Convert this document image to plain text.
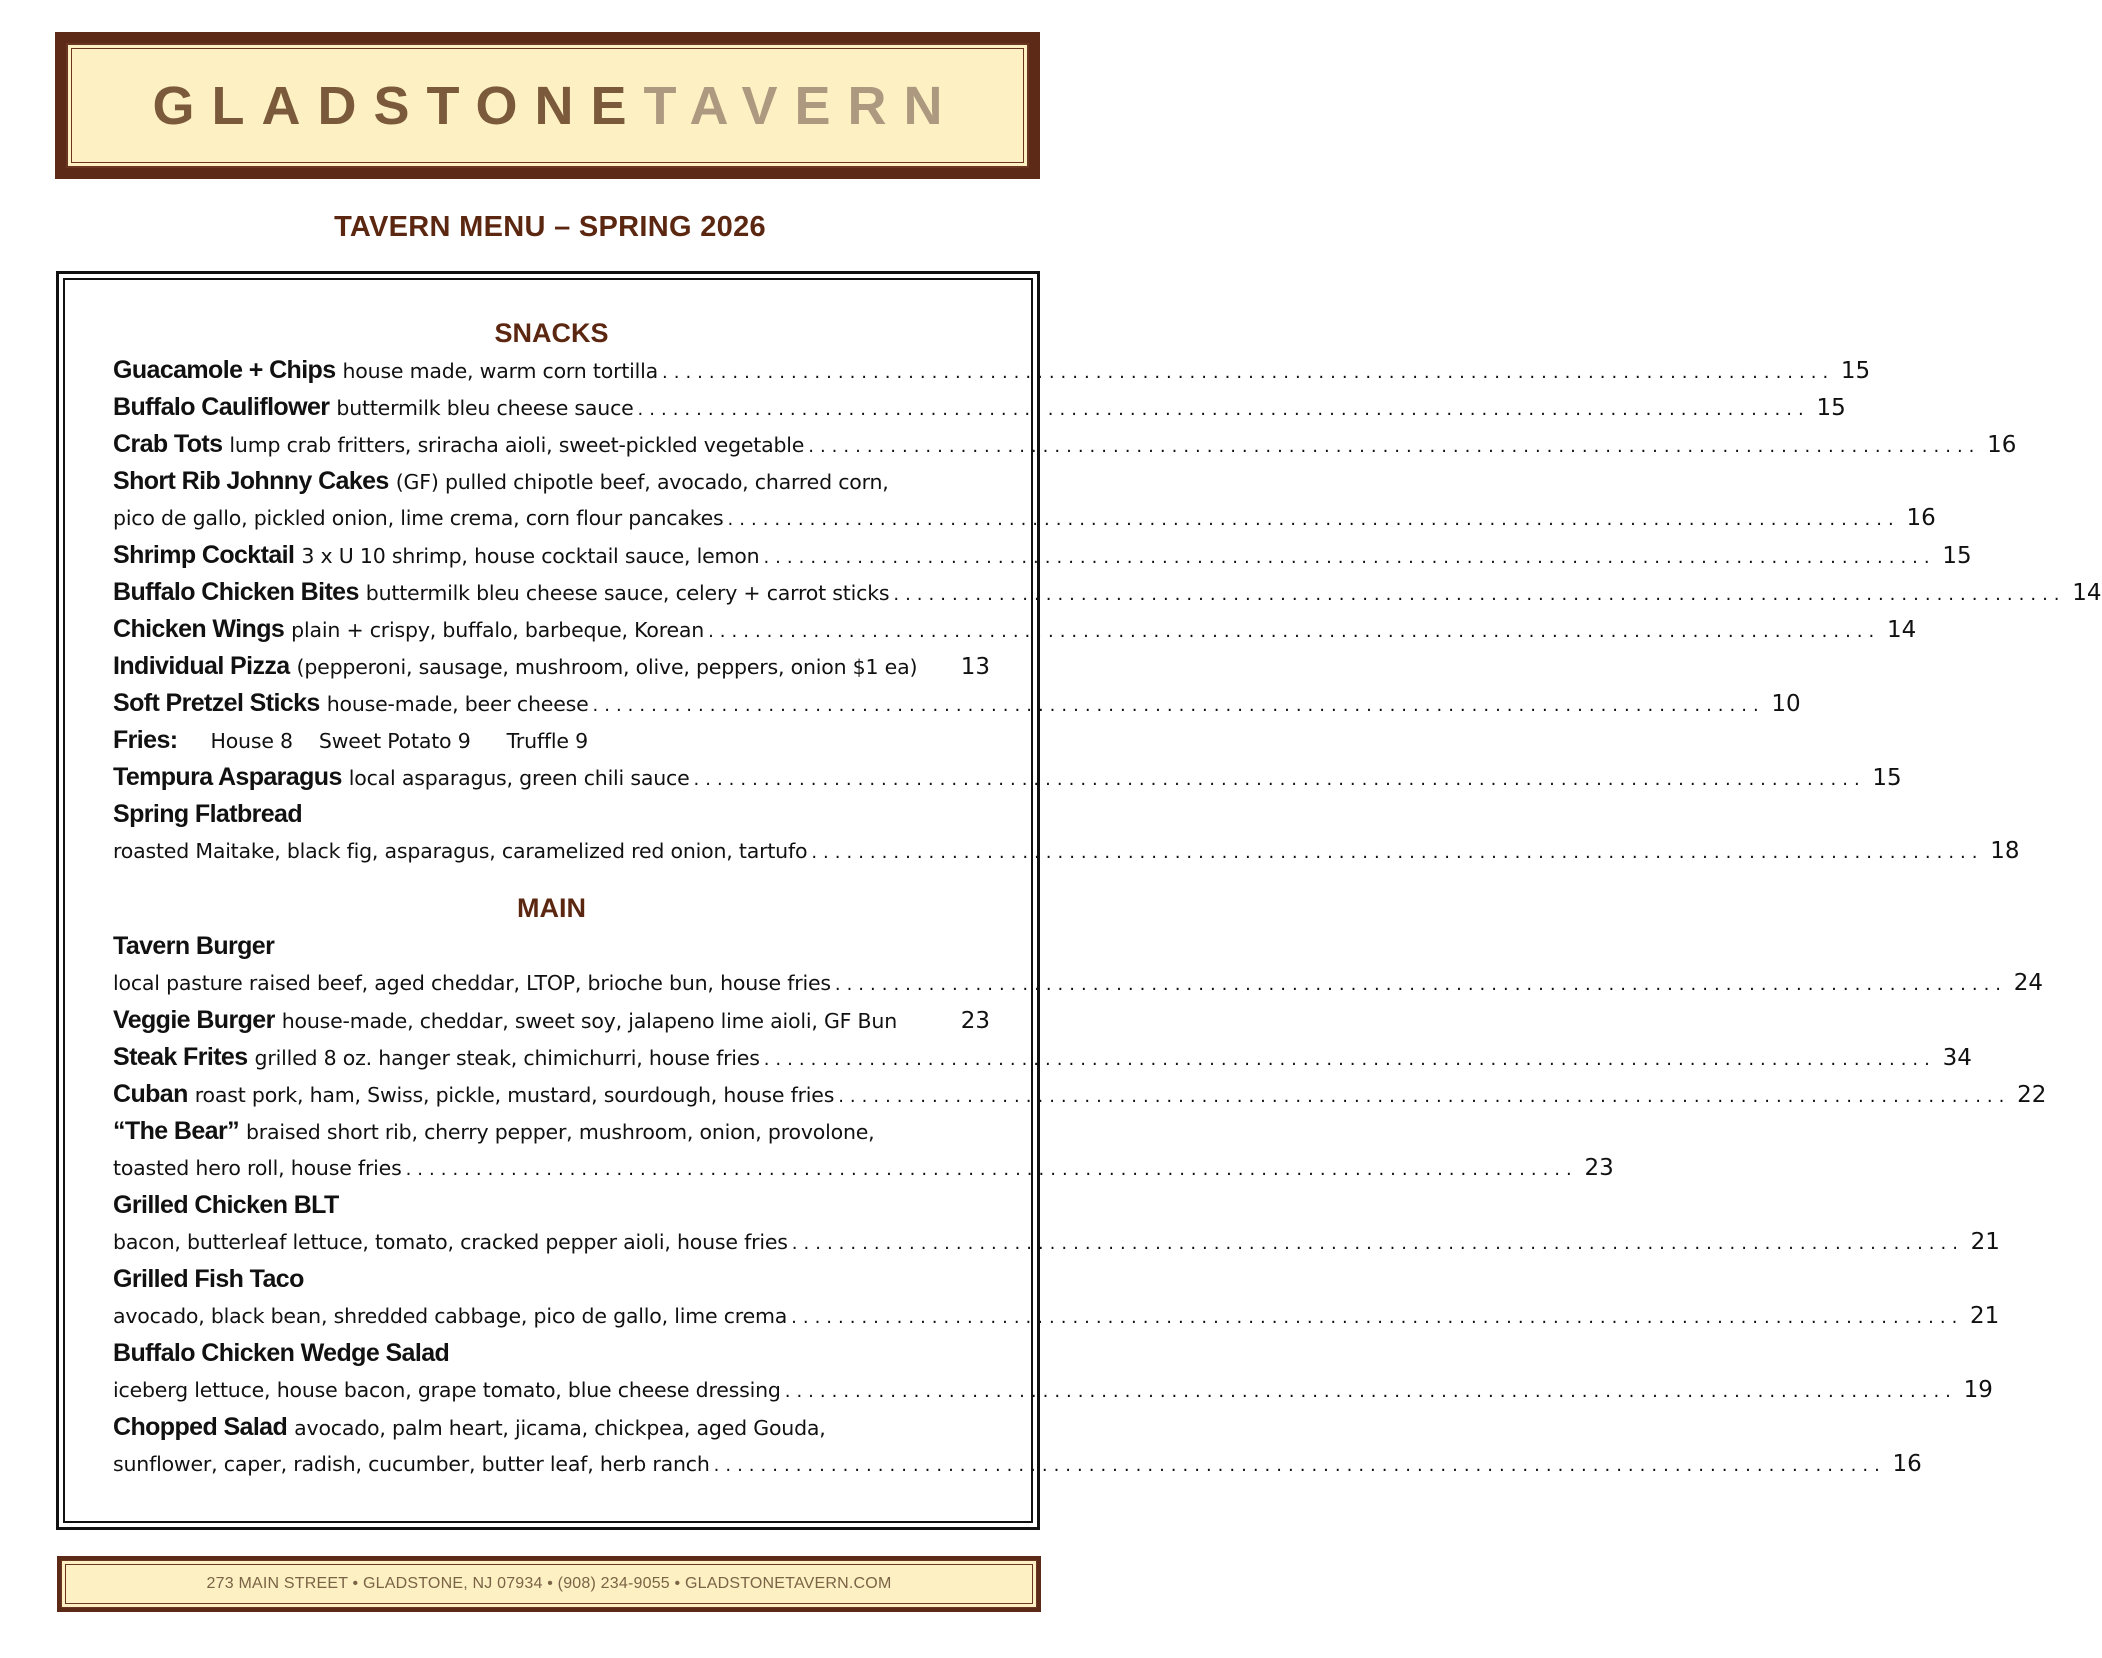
GLADSTONETAVERN
TAVERN MENU – SPRING 2026
SNACKS
Guacamole + Chips house made, warm corn tortilla .................................................................................................... 15
Buffalo Cauliflower buttermilk bleu cheese sauce .................................................................................................... 15
Crab Tots lump crab fritters, sriracha aioli, sweet-pickled vegetable .................................................................................................... 16
Short Rib Johnny Cakes (GF) pulled chipotle beef, avocado, charred corn,
pico de gallo, pickled onion, lime crema, corn flour pancakes .................................................................................................... 16
Shrimp Cocktail 3 x U 10 shrimp, house cocktail sauce, lemon .................................................................................................... 15
Buffalo Chicken Bites buttermilk bleu cheese sauce, celery + carrot sticks .................................................................................................... 14
Chicken Wings plain + crispy, buffalo, barbeque, Korean .................................................................................................... 14
Individual Pizza (pepperoni, sausage, mushroom, olive, peppers, onion $1 ea) 13
Soft Pretzel Sticks house-made, beer cheese .................................................................................................... 10
Fries: House 8 Sweet Potato 9 Truffle 9
Tempura Asparagus local asparagus, green chili sauce .................................................................................................... 15
Spring Flatbread
roasted Maitake, black fig, asparagus, caramelized red onion, tartufo .................................................................................................... 18
MAIN
Tavern Burger
local pasture raised beef, aged cheddar, LTOP, brioche bun, house fries .................................................................................................... 24
Veggie Burger house-made, cheddar, sweet soy, jalapeno lime aioli, GF Bun	23
Steak Frites grilled 8 oz. hanger steak, chimichurri, house fries .................................................................................................... 34
Cuban roast pork, ham, Swiss, pickle, mustard, sourdough, house fries .................................................................................................... 22
“The Bear” braised short rib, cherry pepper, mushroom, onion, provolone,
toasted hero roll, house fries .................................................................................................... 23
Grilled Chicken BLT
bacon, butterleaf lettuce, tomato, cracked pepper aioli, house fries .................................................................................................... 21
Grilled Fish Taco
avocado, black bean, shredded cabbage, pico de gallo, lime crema .................................................................................................... 21
Buffalo Chicken Wedge Salad
iceberg lettuce, house bacon, grape tomato, blue cheese dressing .................................................................................................... 19
Chopped Salad avocado, palm heart, jicama, chickpea, aged Gouda,
sunflower, caper, radish, cucumber, butter leaf, herb ranch .................................................................................................... 16
273 MAIN STREET • GLADSTONE, NJ 07934 • (908) 234-9055 • GLADSTONETAVERN.COM
